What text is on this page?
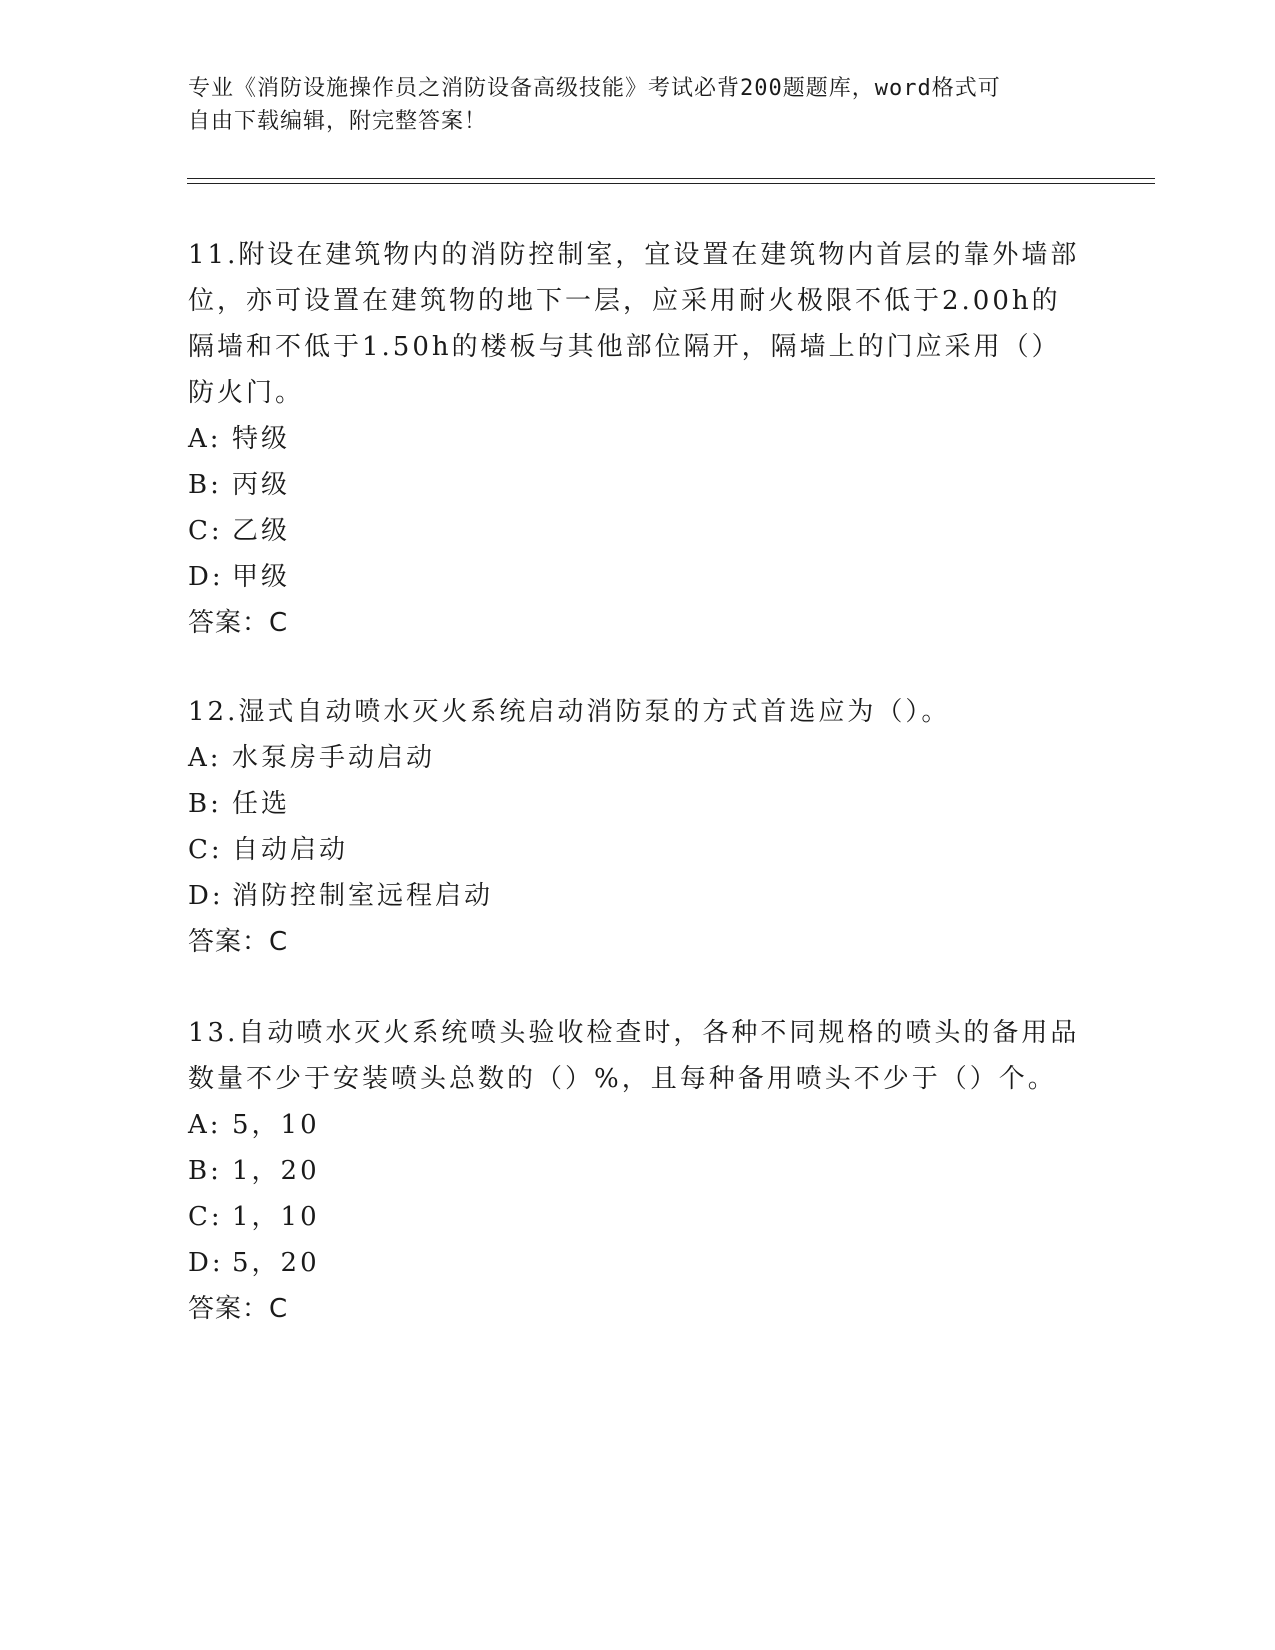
专业《消防设施操作员之消防设备高级技能》考试必背200题题库，word格式可
自由下载编辑，附完整答案！

11.附设在建筑物内的消防控制室，宜设置在建筑物内首层的靠外墙部位，亦可设置在建筑物的地下一层，应采用耐火极限不低于2.00h的隔墙和不低于1.50h的楼板与其他部位隔开，隔墙上的门应采用（）防火门。

A: 特级
B: 丙级
C: 乙级
D: 甲级

答案：C

12.湿式自动喷水灭火系统启动消防泵的方式首选应为（）。

A: 水泵房手动启动
B: 任选
C: 自动启动
D: 消防控制室远程启动

答案：C

13.自动喷水灭火系统喷头验收检查时，各种不同规格的喷头的备用品数量不少于安装喷头总数的（）%，且每种备用喷头不少于（）个。

A: 5，10
B: 1，20
C: 1，10
D: 5，20

答案：C
